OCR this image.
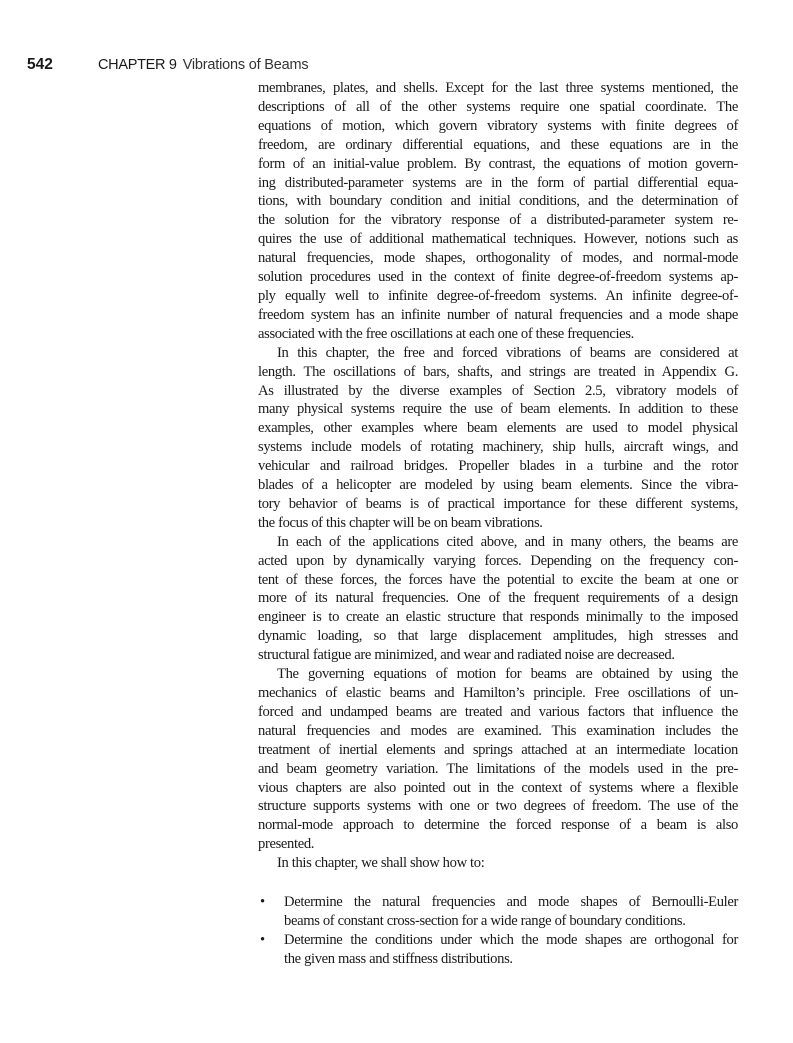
542	CHAPTER 9 Vibrations of Beams
membranes, plates, and shells. Except for the last three systems mentioned, the
descriptions of all of the other systems require one spatial coordinate. The
equations of motion, which govern vibratory systems with finite degrees of
freedom, are ordinary differential equations, and these equations are in the
form of an initial-value problem. By contrast, the equations of motion govern-
ing distributed-parameter systems are in the form of partial differential equa-
tions, with boundary condition and initial conditions, and the determination of
the solution for the vibratory response of a distributed-parameter system re-
quires the use of additional mathematical techniques. However, notions such as
natural frequencies, mode shapes, orthogonality of modes, and normal-mode
solution procedures used in the context of finite degree-of-freedom systems ap-
ply equally well to infinite degree-of-freedom systems. An infinite degree-of-
freedom system has an infinite number of natural frequencies and a mode shape
associated with the free oscillations at each one of these frequencies.
In this chapter, the free and forced vibrations of beams are considered at
length. The oscillations of bars, shafts, and strings are treated in Appendix G.
As illustrated by the diverse examples of Section 2.5, vibratory models of
many physical systems require the use of beam elements. In addition to these
examples, other examples where beam elements are used to model physical
systems include models of rotating machinery, ship hulls, aircraft wings, and
vehicular and railroad bridges. Propeller blades in a turbine and the rotor
blades of a helicopter are modeled by using beam elements. Since the vibra-
tory behavior of beams is of practical importance for these different systems,
the focus of this chapter will be on beam vibrations.
In each of the applications cited above, and in many others, the beams are
acted upon by dynamically varying forces. Depending on the frequency con-
tent of these forces, the forces have the potential to excite the beam at one or
more of its natural frequencies. One of the frequent requirements of a design
engineer is to create an elastic structure that responds minimally to the imposed
dynamic loading, so that large displacement amplitudes, high stresses and
structural fatigue are minimized, and wear and radiated noise are decreased.
The governing equations of motion for beams are obtained by using the
mechanics of elastic beams and Hamilton’s principle. Free oscillations of un-
forced and undamped beams are treated and various factors that influence the
natural frequencies and modes are examined. This examination includes the
treatment of inertial elements and springs attached at an intermediate location
and beam geometry variation. The limitations of the models used in the pre-
vious chapters are also pointed out in the context of systems where a flexible
structure supports systems with one or two degrees of freedom. The use of the
normal-mode approach to determine the forced response of a beam is also
presented.
In this chapter, we shall show how to:
• Determine the natural frequencies and mode shapes of Bernoulli-Euler
beams of constant cross-section for a wide range of boundary conditions.
• Determine the conditions under which the mode shapes are orthogonal for
the given mass and stiffness distributions.
